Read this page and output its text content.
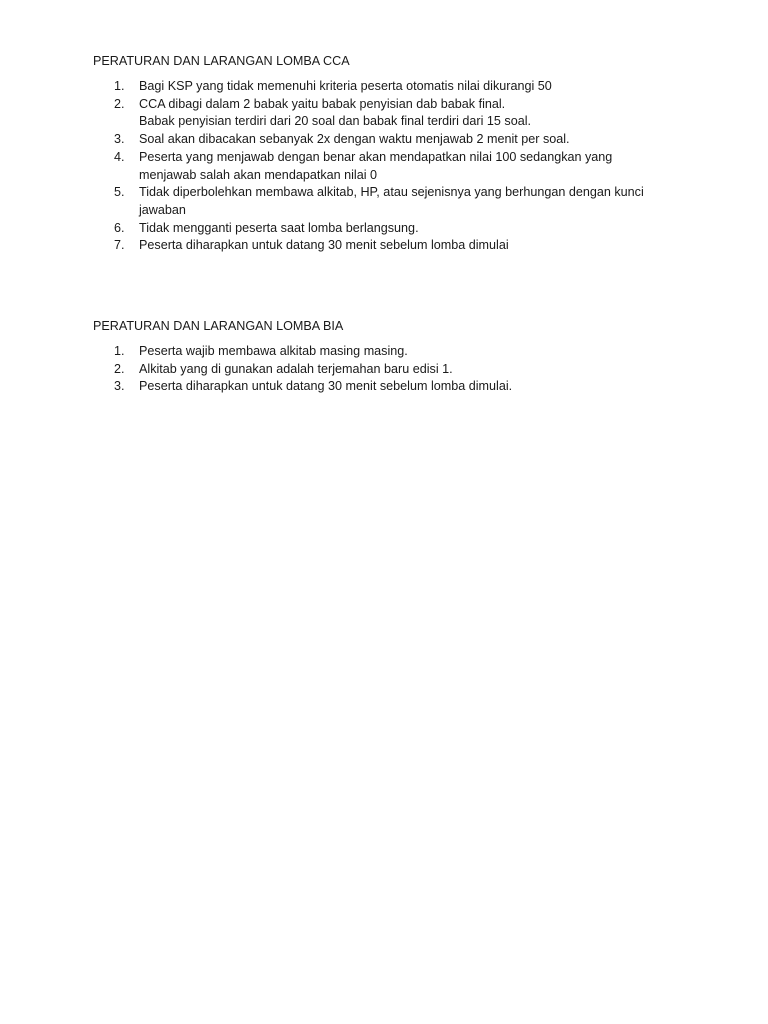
PERATURAN DAN LARANGAN LOMBA CCA
1. Bagi KSP yang tidak memenuhi kriteria peserta otomatis nilai dikurangi 50
2. CCA dibagi dalam 2 babak yaitu babak penyisian dab babak final.
Babak penyisian terdiri dari 20 soal dan babak final terdiri dari 15 soal.
3. Soal akan dibacakan sebanyak 2x dengan waktu menjawab 2 menit per soal.
4. Peserta yang menjawab dengan benar akan mendapatkan nilai 100 sedangkan yang
menjawab salah akan mendapatkan nilai 0
5. Tidak diperbolehkan membawa alkitab, HP, atau sejenisnya yang berhungan dengan kunci
jawaban
6. Tidak mengganti peserta saat lomba berlangsung.
7. Peserta diharapkan untuk datang 30 menit sebelum lomba dimulai
PERATURAN DAN LARANGAN LOMBA BIA
1. Peserta wajib membawa alkitab masing masing.
2. Alkitab yang di gunakan adalah terjemahan baru edisi 1.
3. Peserta diharapkan untuk datang 30 menit sebelum lomba dimulai.
